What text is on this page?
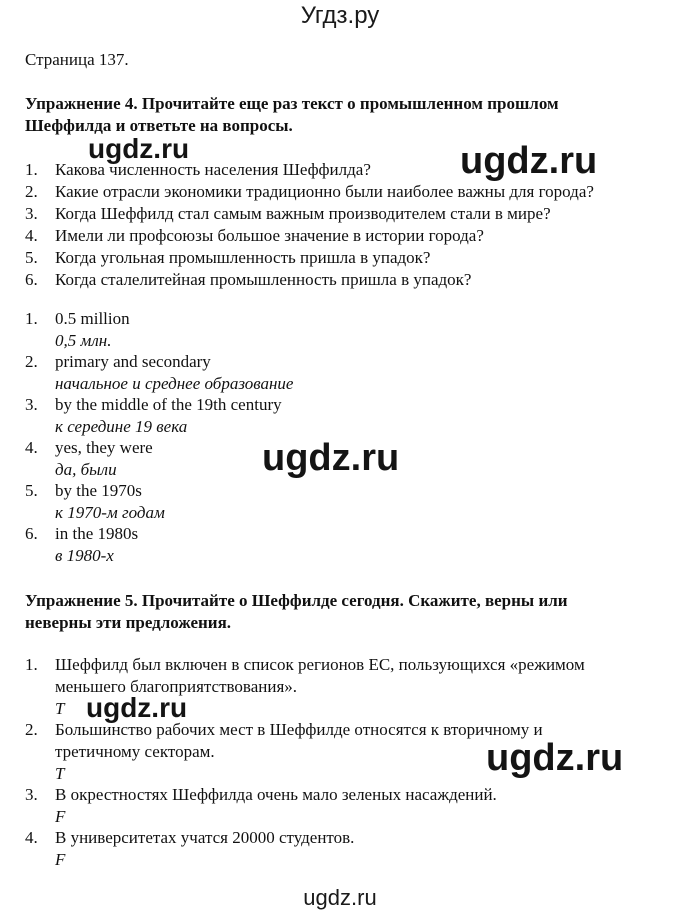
Угдз.ру
Страница 137.
Упражнение 4. Прочитайте еще раз текст о промышленном прошлом
Шеффилда и ответьте на вопросы.
1. Какова численность населения Шеффилда?
2. Какие отрасли экономики традиционно были наиболее важны для города?
3. Когда Шеффилд стал самым важным производителем стали в мире?
4. Имели ли профсоюзы большое значение в истории города?
5. Когда угольная промышленность пришла в упадок?
6. Когда сталелитейная промышленность пришла в упадок?
1. 0.5 million
0,5 млн.
2. primary and secondary
начальное и среднее образование
3. by the middle of the 19th century
к середине 19 века
4. yes, they were
да, были
5. by the 1970s
к 1970-м годам
6. in the 1980s
в 1980-х
Упражнение 5. Прочитайте о Шеффилде сегодня. Скажите, верны или
неверны эти предложения.
1. Шеффилд был включен в список регионов ЕС, пользующихся «режимом
меньшего благоприятствования».
T
2. Большинство рабочих мест в Шеффилде относятся к вторичному и
третичному секторам.
T
3. В окрестностях Шеффилда очень мало зеленых насаждений.
F
4. В университетах учатся 20000 студентов.
F
ugdz.ru	ugdz.ru
ugdz.ru
ugdz.ru
ugdz.ru
ugdz.ru
